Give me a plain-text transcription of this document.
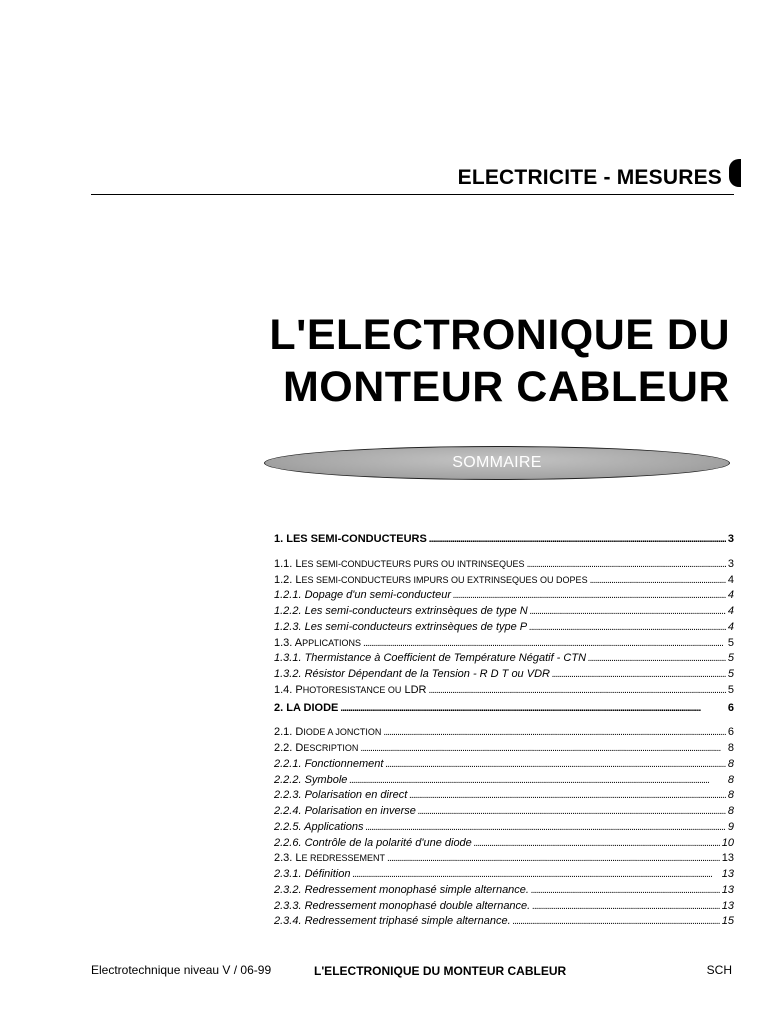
ELECTRICITE - MESURES
L'ELECTRONIQUE DU
MONTEUR CABLEUR
SOMMAIRE
1. LES SEMI-CONDUCTEURS . . .	3
1.1. LES SEMI-CONDUCTEURS PURS OU INTRINSEQUES . . .	3
1.2. LES SEMI-CONDUCTEURS IMPURS OU EXTRINSEQUES OU DOPES . . .	4
1.2.1. Dopage d'un semi-conducteur . . .	4
1.2.2. Les semi-conducteurs extrinsèques de type N . . .	4
1.2.3. Les semi-conducteurs extrinsèques de type P . . .	4
1.3. APPLICATIONS . . .	5
1.3.1. Thermistance à Coefficient de Température Négatif - CTN . . .	5
1.3.2. Résistor Dépendant de la Tension - R D T ou VDR . . .	5
1.4. PHOTORESISTANCE OU LDR . . .	5
2. LA DIODE . . .	6
2.1. DIODE A JONCTION . . .	6
2.2. DESCRIPTION . . .	8
2.2.1. Fonctionnement . . .	8
2.2.2. Symbole . . .	8
2.2.3. Polarisation en direct . . .	8
2.2.4. Polarisation en inverse . . .	8
2.2.5. Applications . . .	9
2.2.6. Contrôle de la polarité d'une diode . . .	10
2.3. LE REDRESSEMENT . . .	13
2.3.1. Définition . . .	13
2.3.2. Redressement monophasé simple alternance. . . .	13
2.3.3. Redressement monophasé double alternance. . . .	13
2.3.4. Redressement triphasé simple alternance. . . .	15
Electrotechnique niveau V / 06-99	L'ELECTRONIQUE DU MONTEUR CABLEUR	SCH
